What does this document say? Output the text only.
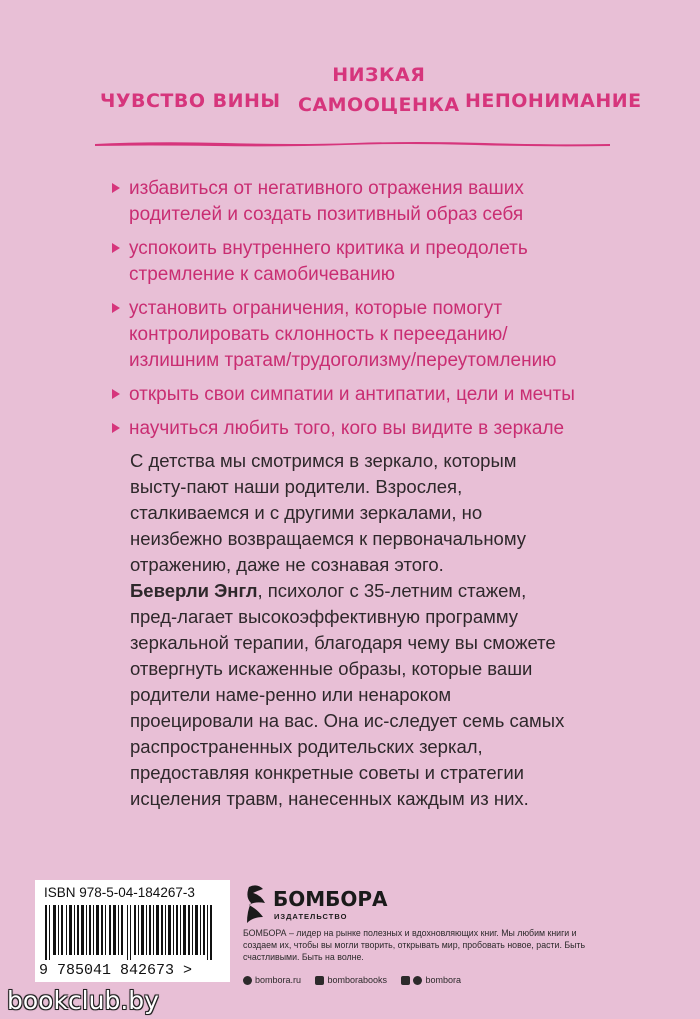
ЧУВСТВО ВИНЫ
НИЗКАЯ
САМООЦЕНКА НЕПОНИМАНИЕ
избавиться от негативного отражения ваших
родителей и создать позитивный образ себя
успокоить внутреннего критика и преодолеть
стремление к самобичеванию
установить ограничения, которые помогут
контролировать склонность к перееданию/
излишним тратам/трудоголизму/переутомлению
открыть свои симпатии и антипатии, цели и мечты
научиться любить того, кого вы видите в зеркале

С детства мы смотримся в зеркало, которым высту-пают наши родители. Взрослея, сталкиваемся и с другими зеркалами, но неизбежно возвращаемся к первоначальному отражению, даже не сознавая этого.

Беверли Энгл, психолог с 35-летним стажем, пред-лагает высокоэффективную программу зеркальной терапии, благодаря чему вы сможете отвергнуть искаженные образы, которые ваши родители наме-ренно или ненароком проецировали на вас. Она ис-следует семь самых распространенных родительских зеркал, предоставляя конкретные советы и стратегии исцеления травм, нанесенных каждым из них.

ISBN 978-5-04-184267-3
9 785041 842673 >
БОМБОРА
ИЗДАТЕЛЬСТВО
БОМБОРА – лидер на рынке полезных и вдохновляющих книг. Мы любим книги и создаем их, чтобы вы могли творить, открывать мир, пробовать новое, расти. Быть счастливыми. Быть на волне.
bombora.ru	bomborabooks	bombora
bookclub.by
